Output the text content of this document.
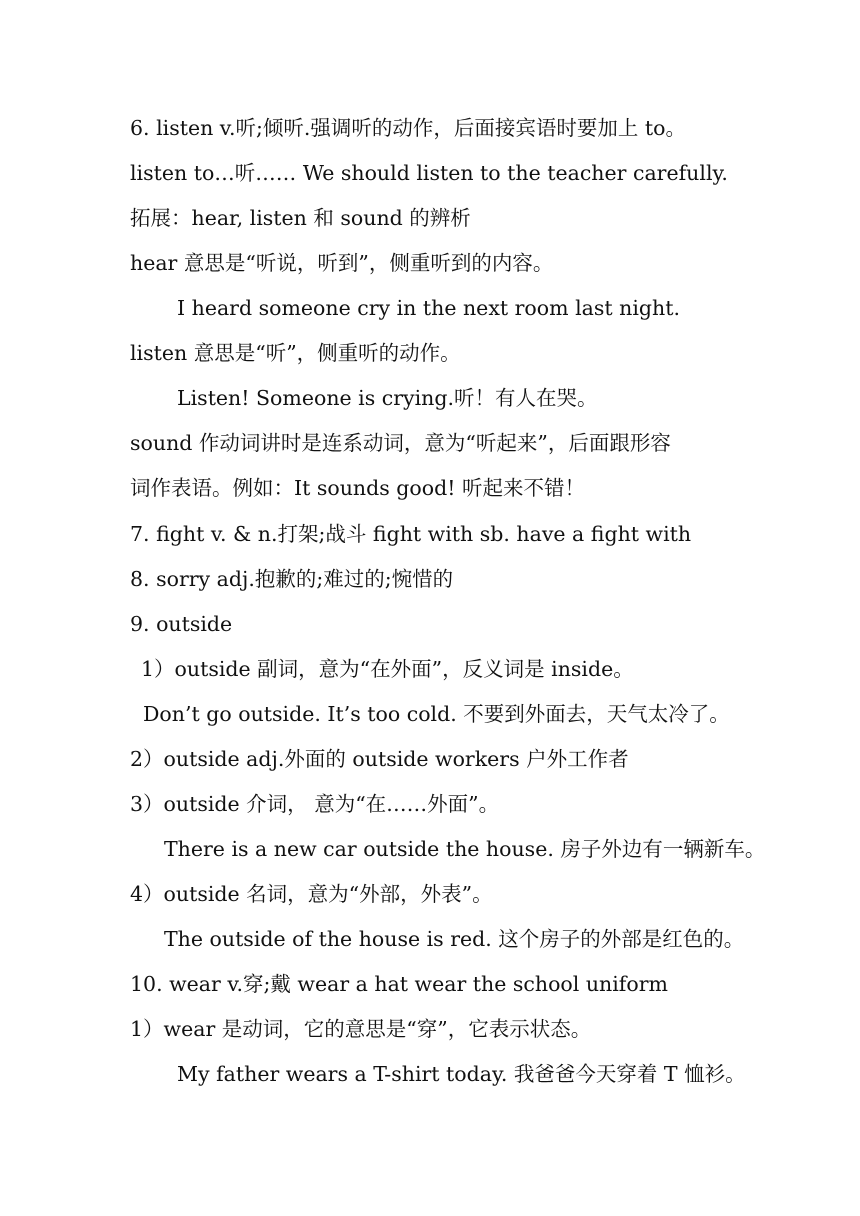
6. listen v.听;倾听.强调听的动作，后面接宾语时要加上 to。
listen to…听…… We should listen to the teacher carefully.
拓展：hear, listen 和 sound 的辨析
hear 意思是“听说，听到”，侧重听到的内容。
I heard someone cry in the next room last night.
listen 意思是“听”，侧重听的动作。
Listen! Someone is crying.听！有人在哭。
sound 作动词讲时是连系动词，意为“听起来”，后面跟形容
词作表语。例如：It sounds good! 听起来不错！
7. fight v. & n.打架;战斗 fight with sb. have a fight with
8. sorry adj.抱歉的;难过的;惋惜的
9. outside
1）outside 副词，意为“在外面”，反义词是 inside。
Don’t go outside. It’s too cold. 不要到外面去，天气太冷了。
2）outside adj.外面的 outside workers 户外工作者
3）outside 介词， 意为“在……外面”。
There is a new car outside the house. 房子外边有一辆新车。
4）outside 名词，意为“外部，外表”。
The outside of the house is red. 这个房子的外部是红色的。
10. wear v.穿;戴 wear a hat wear the school uniform
1）wear 是动词，它的意思是“穿”，它表示状态。
My father wears a T-shirt today. 我爸爸今天穿着 T 恤衫。
